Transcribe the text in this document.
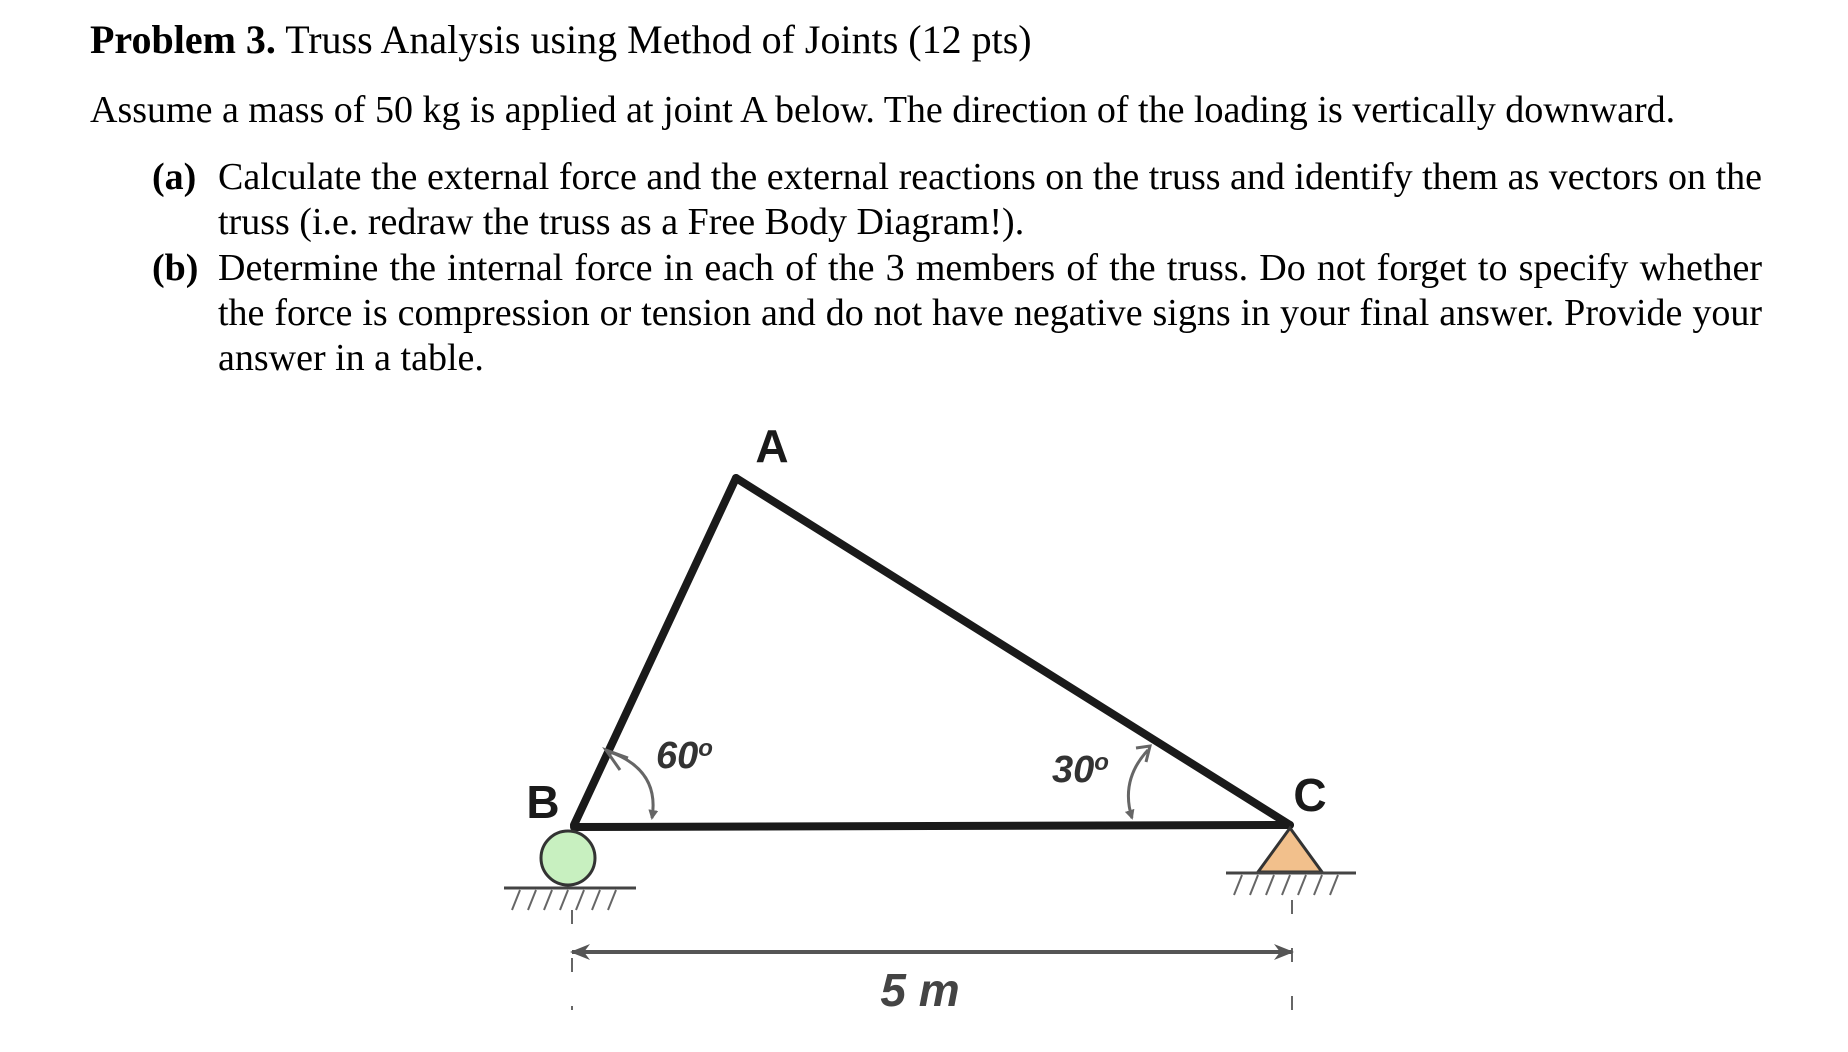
Problem 3. Truss Analysis using Method of Joints (12 pts)
Assume a mass of 50 kg is applied at joint A below. The direction of the loading is vertically downward.
(a) Calculate the external force and the external reactions on the truss and identify them as vectors on the truss (i.e. redraw the truss as a Free Body Diagram!).
(b) Determine the internal force in each of the 3 members of the truss. Do not forget to specify whether the force is compression or tension and do not have negative signs in your final answer. Provide your answer in a table.
A
B	C
60$^o$
30$^o$
5 m
